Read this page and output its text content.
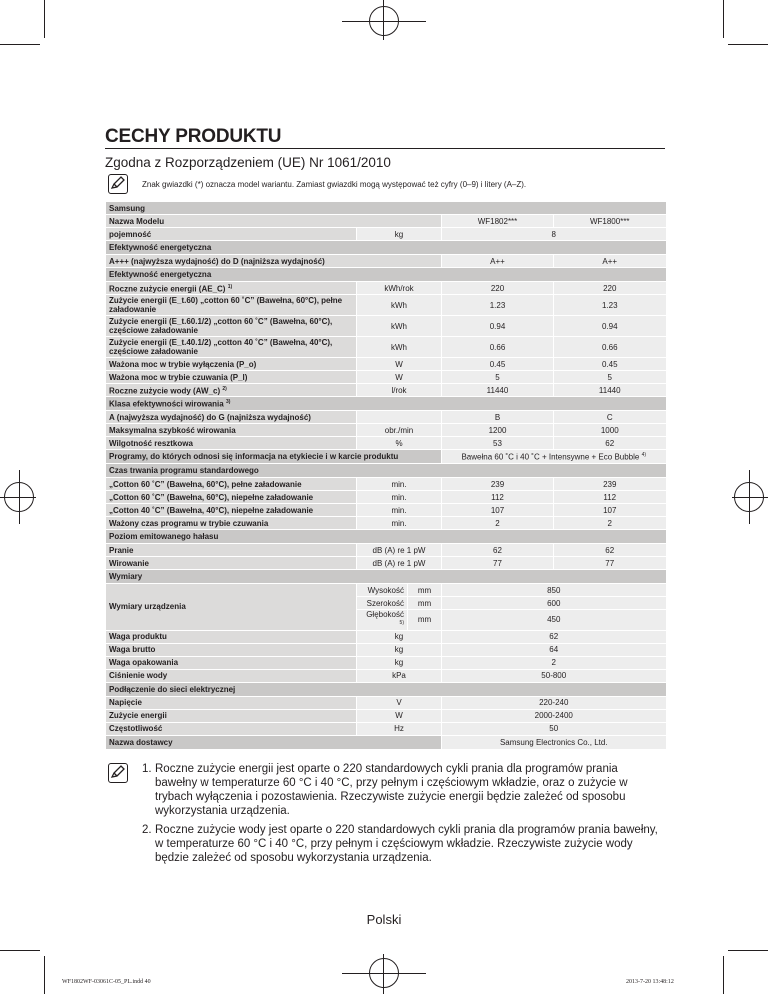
CECHY PRODUKTU
Zgodna z Rozporządzeniem (UE) Nr 1061/2010
Znak gwiazdki (*) oznacza model wariantu. Zamiast gwiazdki mogą występować też cyfry (0–9) i litery (A–Z).
Samsung				
Nazwa Modelu			WF1802***	WF1800***
pojemność	kg		8	
Efektywność energetyczna				
A+++ (najwyższa wydajność) do D (najniższa wydajność)			A++	A++
Efektywność energetyczna				
Roczne zużycie energii (AE_C) $^{1)}$	kWh/rok		220	220
Zużycie energii (E_t.60) „cotton 60 ˚C” (Bawełna, 60°C), pełne załadowanie	kWh		1.23	1.23
Zużycie energii (E_t.60.1/2) „cotton 60 ˚C” (Bawełna, 60°C), częściowe załadowanie	kWh		0.94	0.94
Zużycie energii (E_t.40.1/2) „cotton 40 ˚C” (Bawełna, 40°C), częściowe załadowanie	kWh		0.66	0.66
Ważona moc w trybie wyłączenia (P_o)	W		0.45	0.45
Ważona moc w trybie czuwania (P_l)	W		5	5
Roczne zużycie wody (AW_c) $^{2)}$	l/rok		11440	11440
Klasa efektywności wirowania $^{3)}$
A (najwyższa wydajność) do G (najniższa wydajność)			B	C
Maksymalna szybkość wirowania	obr./min		1200	1000
Wilgotność resztkowa	%		53	62
Programy, do których odnosi się informacja na etykiecie i w karcie produktu			Bawełna 60 ˚C i 40 ˚C + Intensywne + Eco Bubble $^{4)}$
Czas trwania programu standardowego				
„Cotton 60 ˚C” (Bawełna, 60°C), pełne załadowanie	min.		239	239
„Cotton 60 ˚C” (Bawełna, 60°C), niepełne załadowanie	min.		112	112
„Cotton 40 ˚C” (Bawełna, 40°C), niepełne załadowanie	min.		107	107
Ważony czas programu w trybie czuwania	min.		2	2
Poziom emitowanego hałasu				
Pranie	dB (A) re 1 pW		62	62
Wirowanie	dB (A) re 1 pW		77	77
Wymiary				
Wymiary urządzenia	Wysokość	mm	850	
	Szerokość	mm	600	
	Głębokość $^{5)}$	mm	450	
Waga produktu	kg		62	
Waga brutto	kg		64	
Waga opakowania	kg		2	
Ciśnienie wody	kPa		50-800	
Podłączenie do sieci elektrycznej				
Napięcie	V		220-240	
Zużycie energii	W		2000-2400	
Częstotliwość	Hz		50	
Nazwa dostawcy			Samsung Electronics Co., Ltd.	
1. Roczne zużycie energii jest oparte o 220 standardowych cykli prania dla programów prania bawełny w temperaturze 60 °C i 40 °C, przy pełnym i częściowym wkładzie, oraz o zużycie w trybach wyłączenia i pozostawienia. Rzeczywiste zużycie energii będzie zależeć od sposobu wykorzystania urządzenia.
2. Roczne zużycie wody jest oparte o 220 standardowych cykli prania dla programów prania bawełny, w temperaturze 60 °C i 40 °C, przy pełnym i częściowym wkładzie. Rzeczywiste zużycie wody będzie zależeć od sposobu wykorzystania urządzenia.
Polski
WF1802WF-03061C-05_PL.indd 40	2013-7-20 13:48:12
